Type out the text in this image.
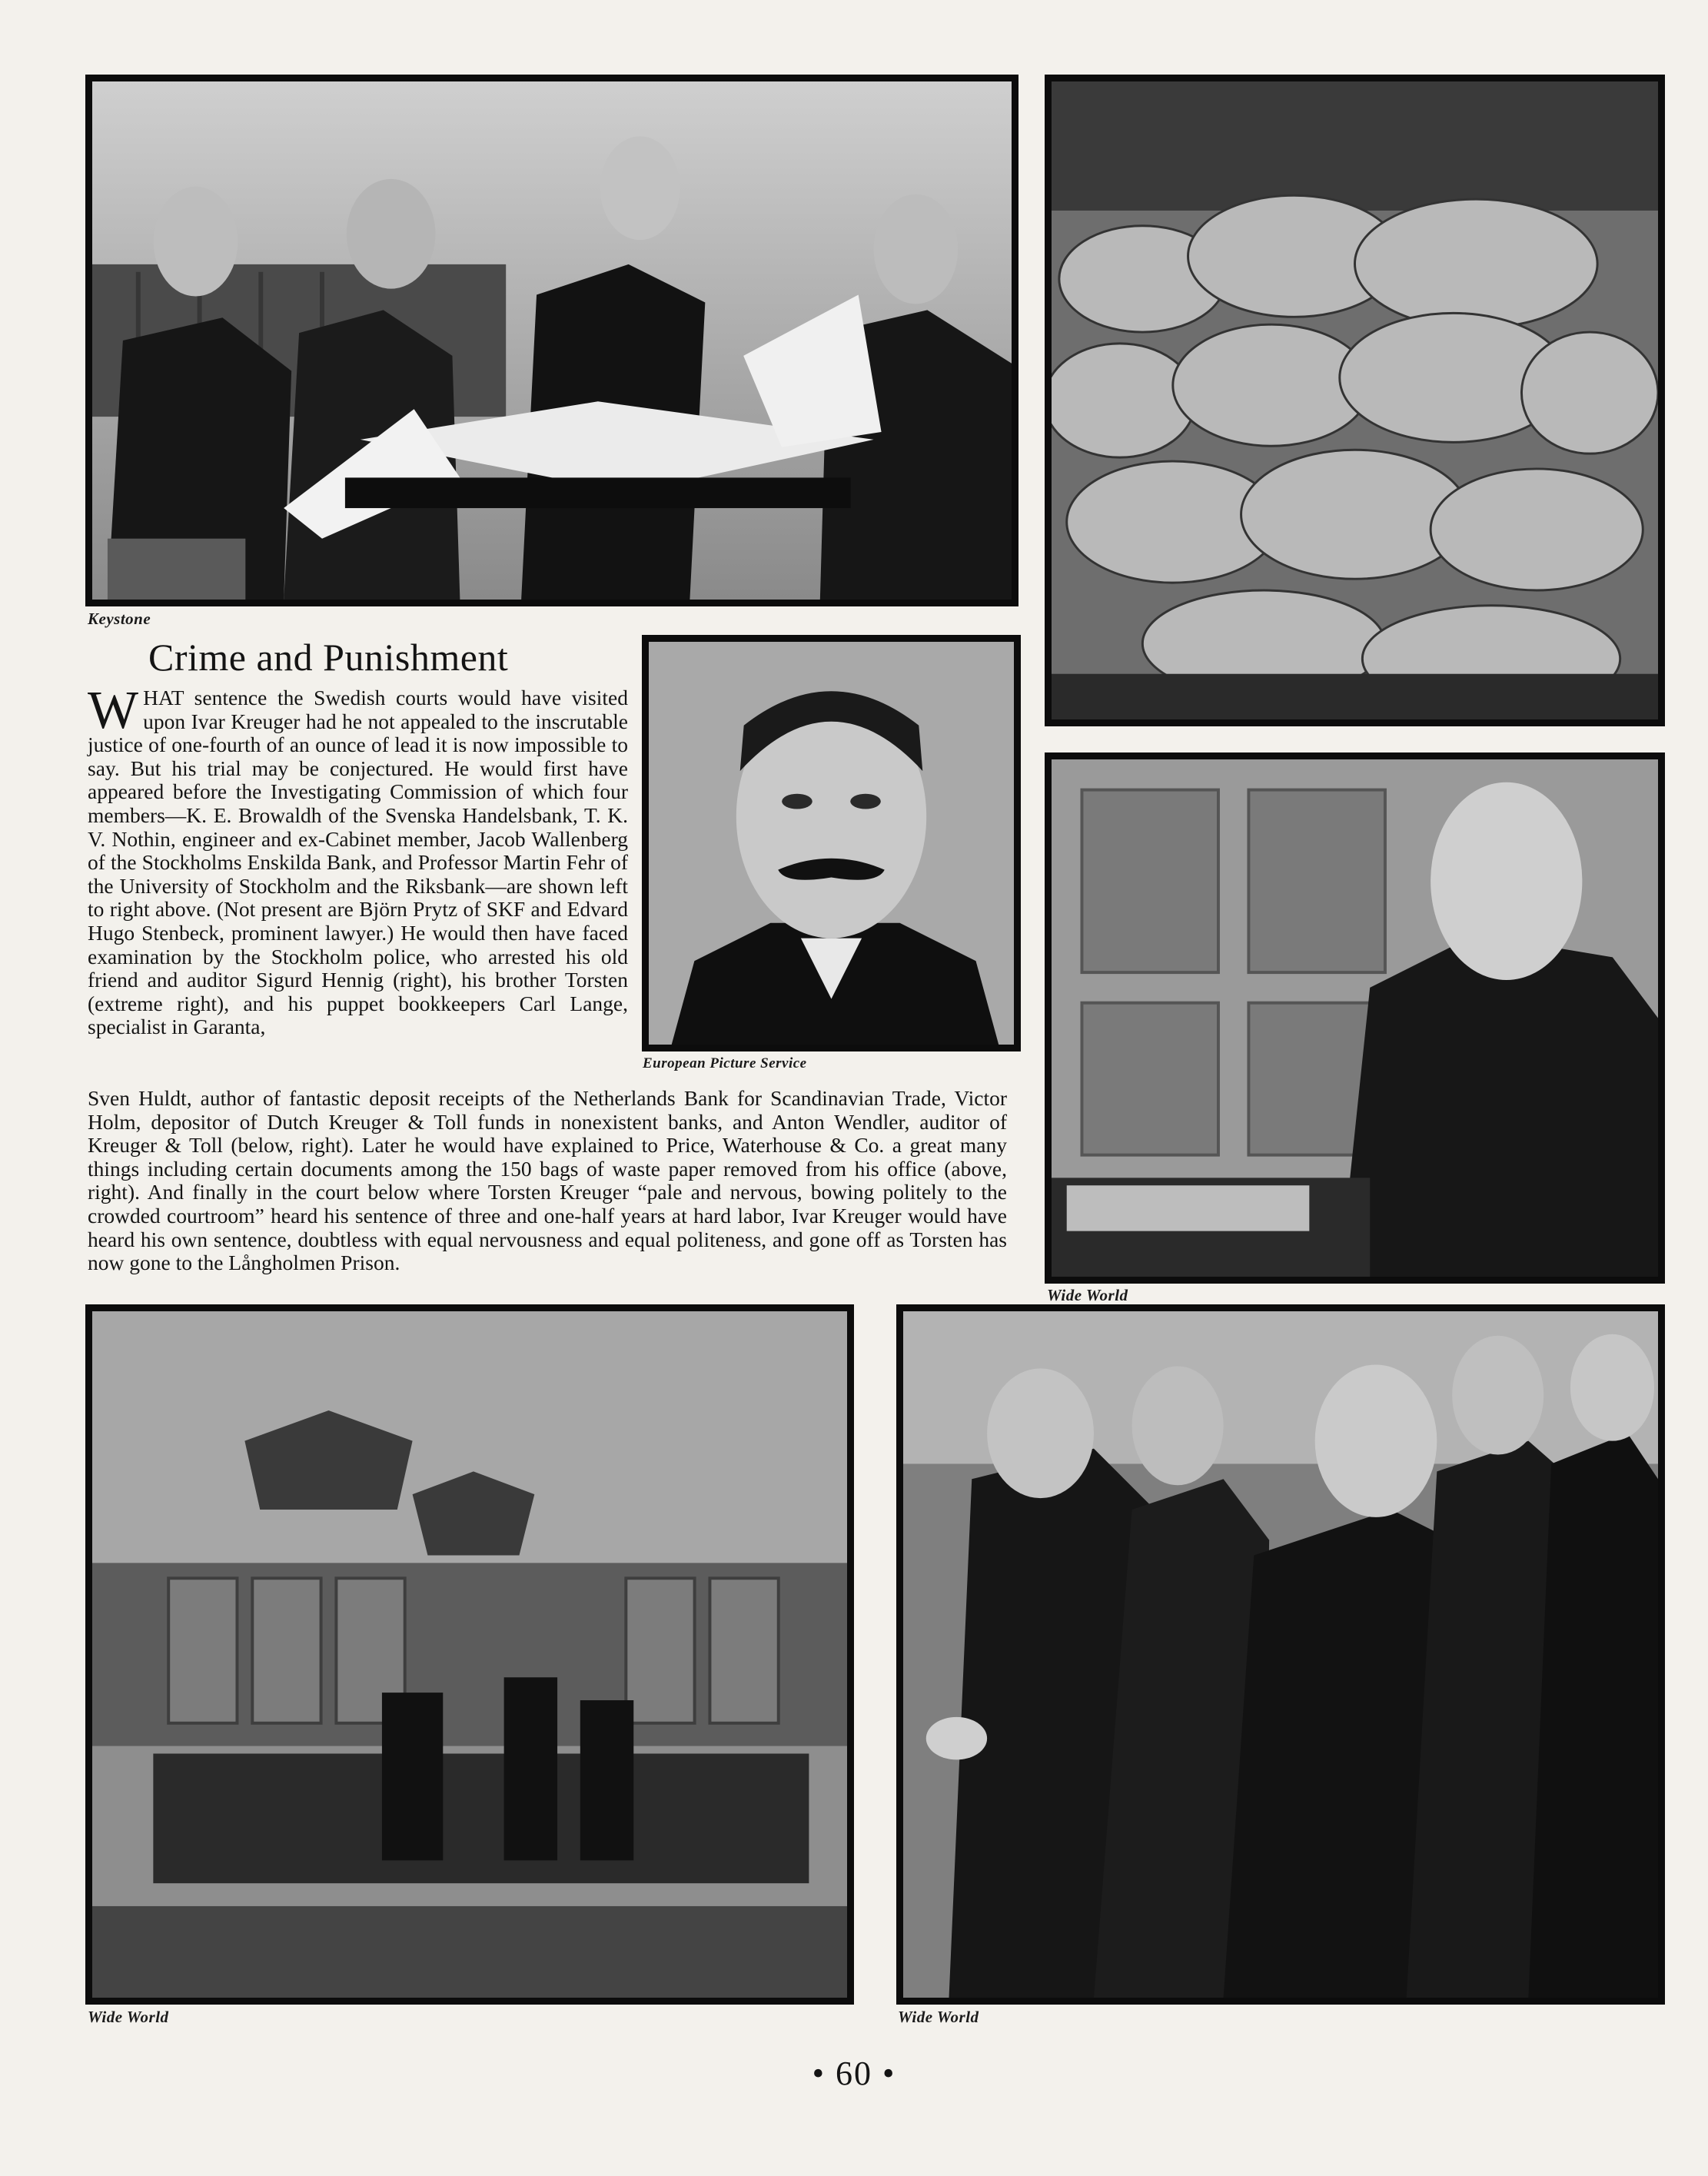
Keystone
European Picture Service
Wide World
Crime and Punishment

WHAT sentence the Swedish courts would have visited upon Ivar Kreuger had he not appealed to the inscrutable justice of one-fourth of an ounce of lead it is now impossible to say. But his trial may be conjectured. He would first have appeared before the Investigating Commission of which four members—K. E. Browaldh of the Svenska Handelsbank, T. K. V. Nothin, engineer and ex-Cabinet member, Jacob Wallenberg of the Stockholms Enskilda Bank, and Professor Martin Fehr of the University of Stockholm and the Riksbank—are shown left to right above. (Not present are Björn Prytz of SKF and Edvard Hugo Stenbeck, prominent lawyer.) He would then have faced examination by the Stockholm police, who arrested his old friend and auditor Sigurd Hennig (right), his brother Torsten (extreme right), and his puppet bookkeepers Carl Lange, specialist in Garanta,

Sven Huldt, author of fantastic deposit receipts of the Netherlands Bank for Scandinavian Trade, Victor Holm, depositor of Dutch Kreuger & Toll funds in nonexistent banks, and Anton Wendler, auditor of Kreuger & Toll (below, right). Later he would have explained to Price, Waterhouse & Co. a great many things including certain documents among the 150 bags of waste paper removed from his office (above, right). And finally in the court below where Torsten Kreuger “pale and nervous, bowing politely to the crowded courtroom” heard his sentence of three and one-half years at hard labor, Ivar Kreuger would have heard his own sentence, doubtless with equal nervousness and equal politeness, and gone off as Torsten has now gone to the Långholmen Prison.

Wide World	Wide World
• 60 •
